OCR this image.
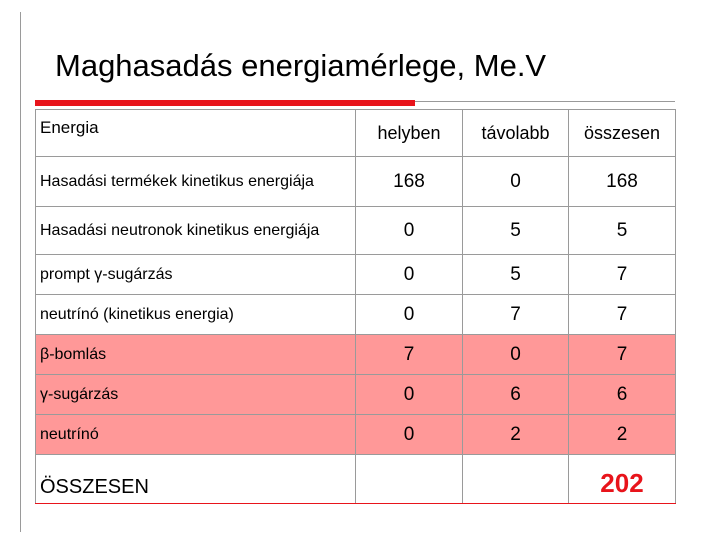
Maghasadás energiamérlege, Me.V
Energia	helyben	távolabb	összesen
Hasadási termékek kinetikus energiája	168	0	168
Hasadási neutronok kinetikus energiája	0	5	5
prompt γ-sugárzás	0	5	7
neutrínó (kinetikus energia)	0	7	7
β-bomlás	7	0	7
γ-sugárzás	0	6	6
neutrínó	0	2	2
ÖSSZESEN			202
